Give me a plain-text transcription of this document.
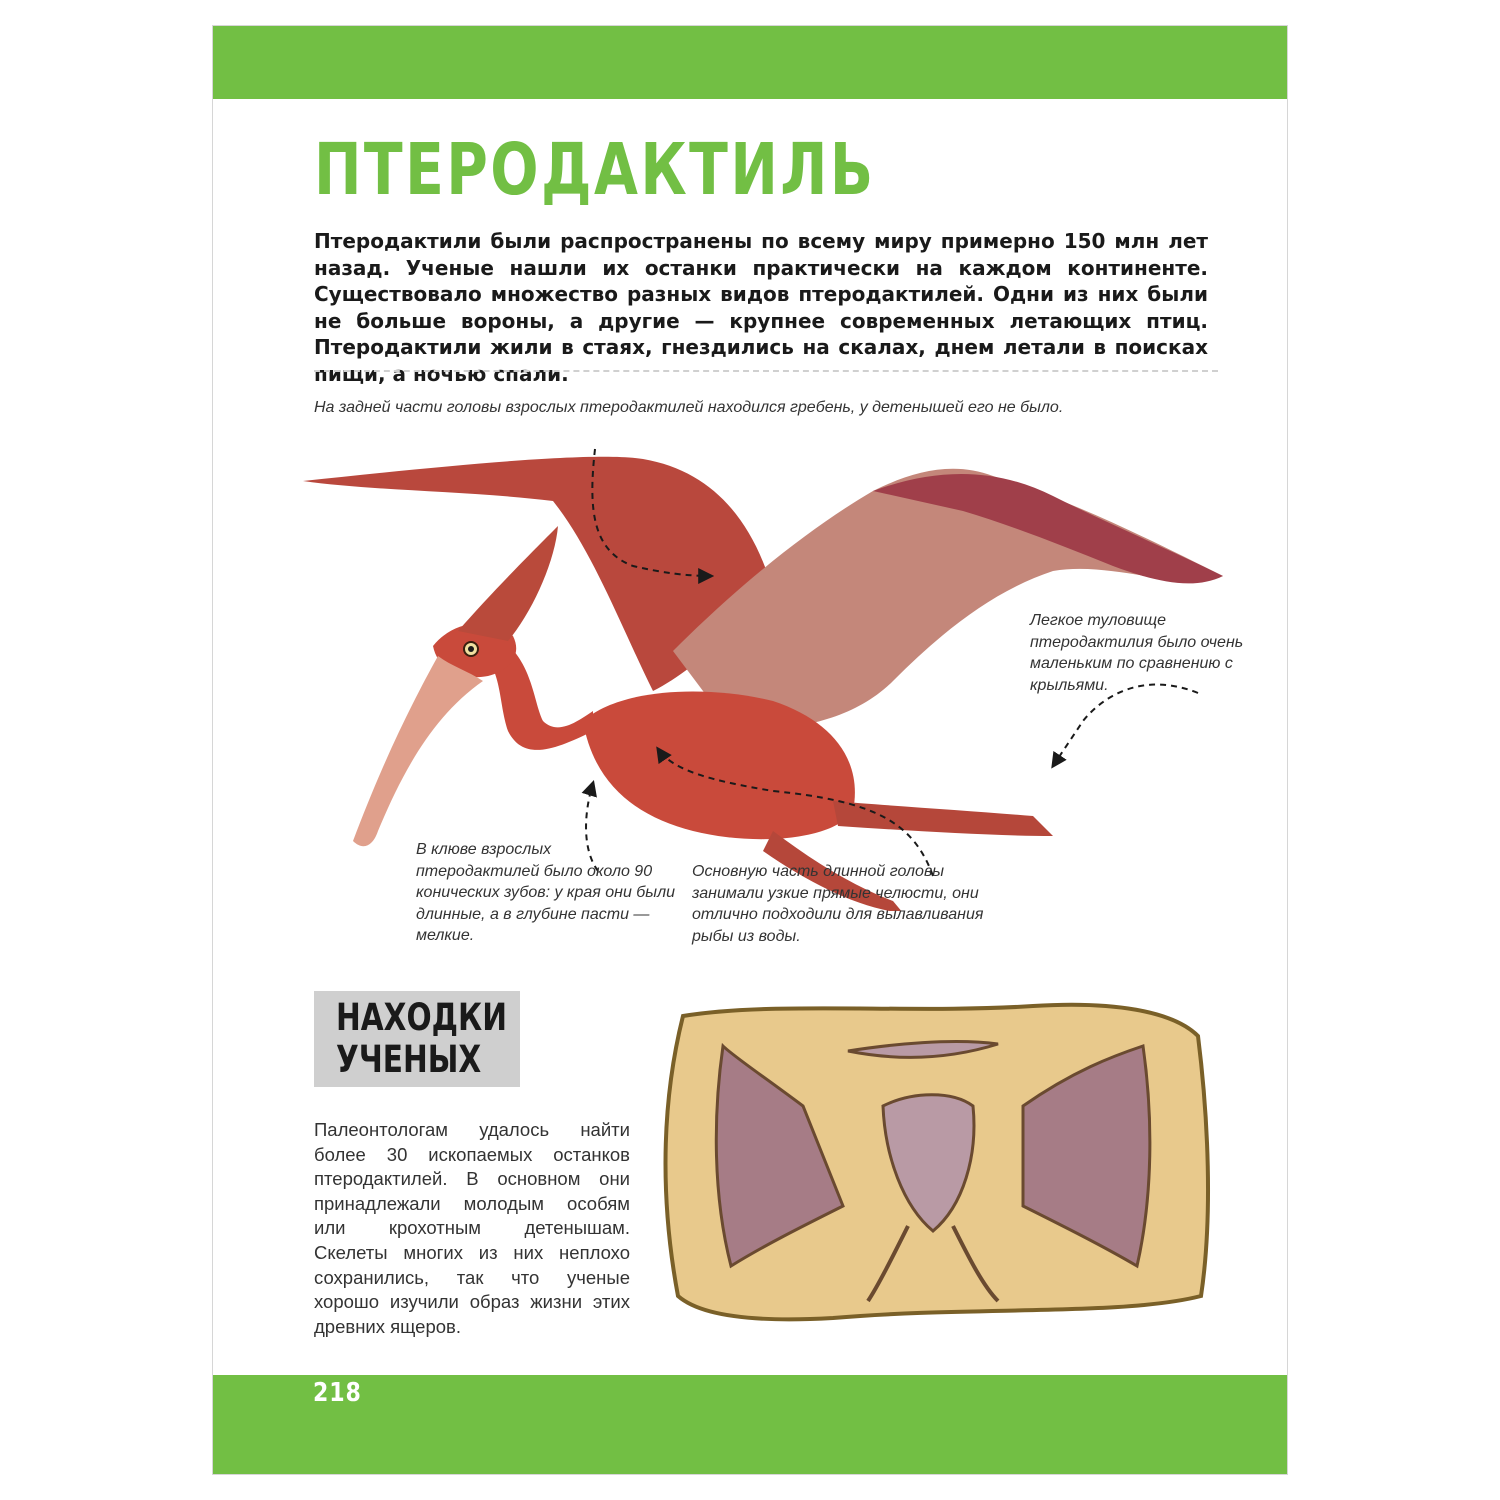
ПТЕРОДАКТИЛЬ

Птеродактили были распространены по всему миру примерно 150 млн лет назад. Ученые нашли их останки практически на каждом континенте. Существовало множество разных видов птеродактилей. Одни из них были не больше вороны, а другие — крупнее современных летающих птиц. Птеродактили жили в стаях, гнездились на скалах, днем летали в поисках пищи, а ночью спали.

На задней части головы взрослых птеродактилей находился гребень, у детенышей его не было.

Легкое туловище птеродактилия было очень маленьким по сравнению с крыльями.

В клюве взрослых птеродактилей было около 90 конических зубов: у края они были длинные, а в глубине пасти — мелкие.

Основную часть длинной головы занимали узкие прямые челюсти, они отлично подходили для вылавливания рыбы из воды.

НАХОДКИ УЧЕНЫХ

Палеонтологам удалось найти более 30 ископаемых останков птеродактилей. В основном они принадлежали молодым особям или крохотным детенышам. Скелеты многих из них неплохо сохранились, так что ученые хорошо изучили образ жизни этих древних ящеров.

218
